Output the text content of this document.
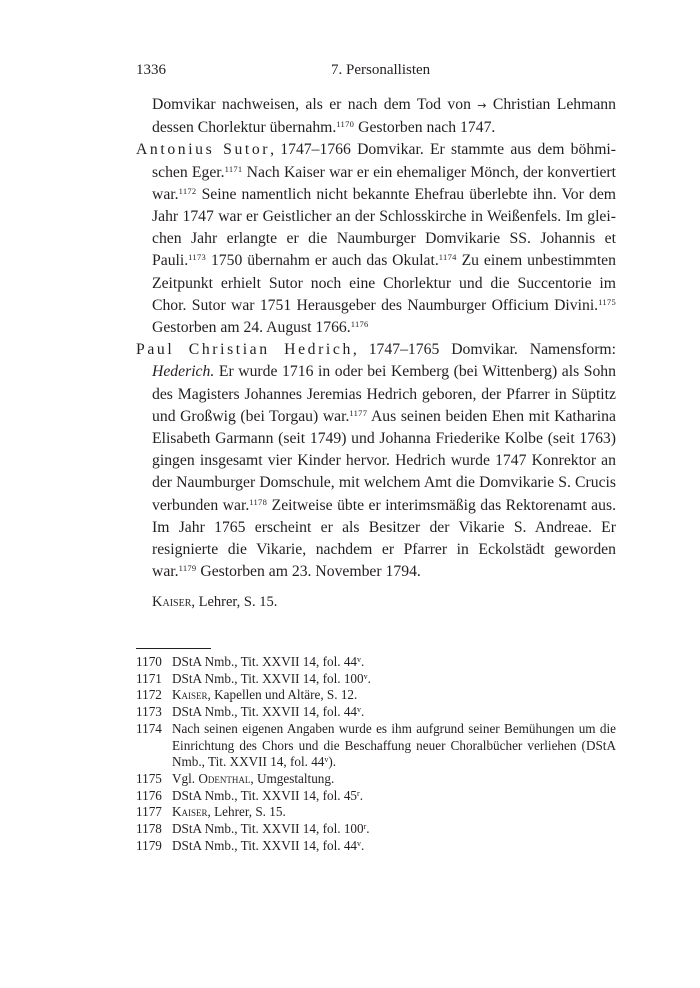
1336	7. Personallisten

Domvikar nachweisen, als er nach dem Tod von → Christian Lehmann dessen Chorlektur übernahm.$^{1170}$ Gestorben nach 1747.

Antonius Sutor, 1747–1766 Domvikar. Er stammte aus dem böhmischen Eger.$^{1171}$ Nach Kaiser war er ein ehemaliger Mönch, der konvertiert war.$^{1172}$ Seine namentlich nicht bekannte Ehefrau überlebte ihn. Vor dem Jahr 1747 war er Geistlicher an der Schlosskirche in Weißenfels. Im gleichen Jahr erlangte er die Naumburger Domvikarie SS. Johannis et Pauli.$^{1173}$ 1750 übernahm er auch das Okulat.$^{1174}$ Zu einem unbestimmten Zeitpunkt erhielt Sutor noch eine Chorlektur und die Succentorie im Chor. Sutor war 1751 Herausgeber des Naumburger Officium Divini.$^{1175}$ Gestorben am 24. August 1766.$^{1176}$

Paul Christian Hedrich, 1747–1765 Domvikar. Namensform: Hederich. Er wurde 1716 in oder bei Kemberg (bei Wittenberg) als Sohn des Magisters Johannes Jeremias Hedrich geboren, der Pfarrer in Süptitz und Großwig (bei Torgau) war.$^{1177}$ Aus seinen beiden Ehen mit Katharina Elisabeth Garmann (seit 1749) und Johanna Friederike Kolbe (seit 1763) gingen insgesamt vier Kinder hervor. Hedrich wurde 1747 Konrektor an der Naumburger Domschule, mit welchem Amt die Domvikarie S. Crucis verbunden war.$^{1178}$ Zeitweise übte er interimsmäßig das Rektorenamt aus. Im Jahr 1765 erscheint er als Besitzer der Vikarie S. Andreae. Er resignierte die Vikarie, nachdem er Pfarrer in Eckolstädt geworden war.$^{1179}$ Gestorben am 23. November 1794.

Kaiser, Lehrer, S. 15.

1170 DStA Nmb., Tit. XXVII 14, fol. 44$^v$.
1171 DStA Nmb., Tit. XXVII 14, fol. 100$^v$.
1172 Kaiser, Kapellen und Altäre, S. 12.
1173 DStA Nmb., Tit. XXVII 14, fol. 44$^v$.
1174 Nach seinen eigenen Angaben wurde es ihm aufgrund seiner Bemühungen um die Einrichtung des Chors und die Beschaffung neuer Choralbücher verliehen (DStA Nmb., Tit. XXVII 14, fol. 44$^v$).
1175 Vgl. Odenthal, Umgestaltung.
1176 DStA Nmb., Tit. XXVII 14, fol. 45$^r$.
1177 Kaiser, Lehrer, S. 15.
1178 DStA Nmb., Tit. XXVII 14, fol. 100$^r$.
1179 DStA Nmb., Tit. XXVII 14, fol. 44$^v$.
